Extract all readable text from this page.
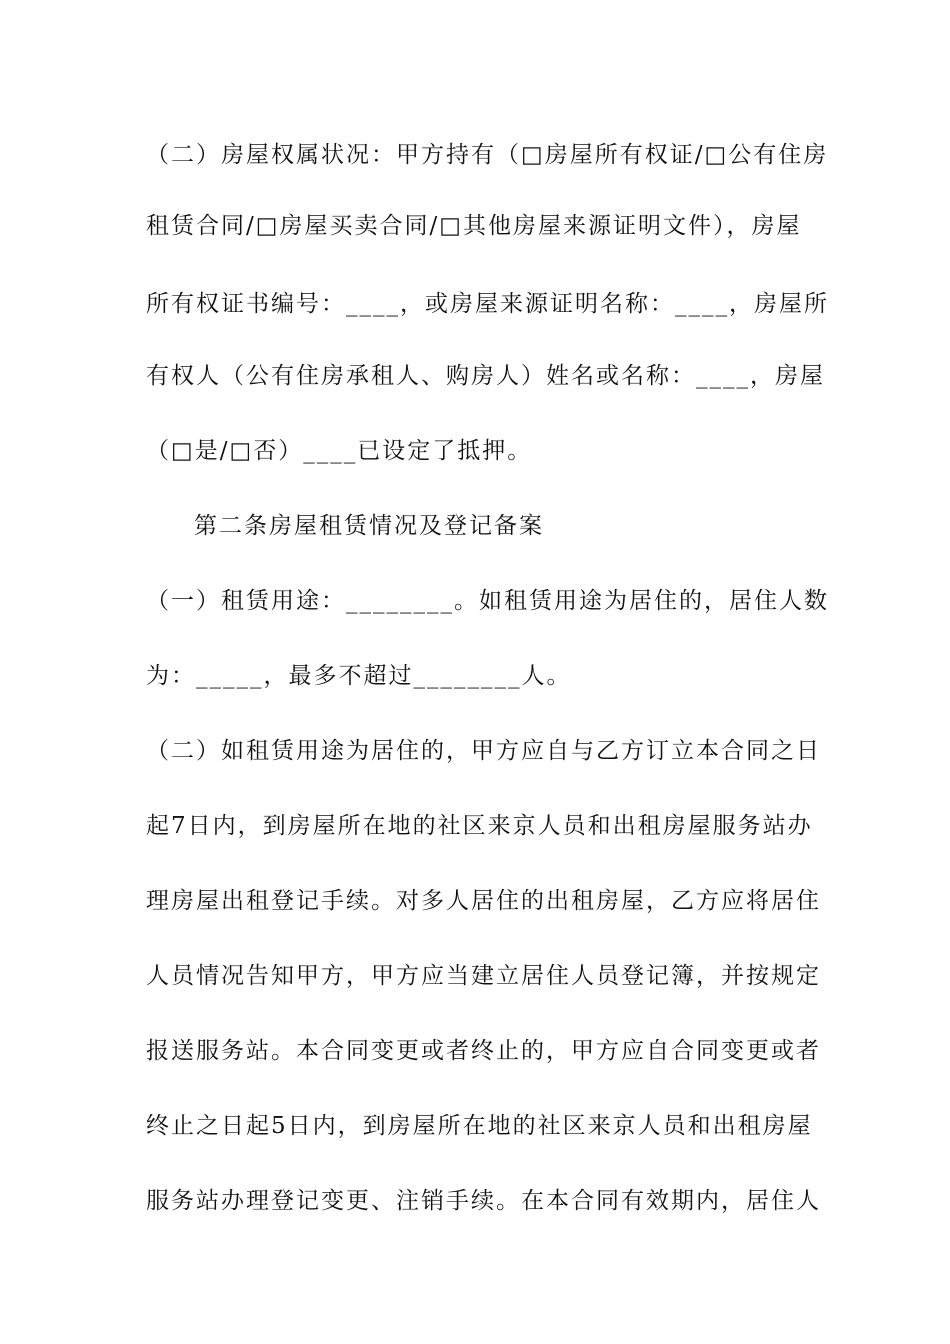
（二）房屋权属状况：甲方持有（□房屋所有权证/□公有住房
租赁合同/□房屋买卖合同/□其他房屋来源证明文件），房屋
所有权证书编号：____，或房屋来源证明名称：____，房屋所
有权人（公有住房承租人、购房人）姓名或名称：____，房屋
（□是/□否）____已设定了抵押。
第二条房屋租赁情况及登记备案
（一）租赁用途：________。如租赁用途为居住的，居住人数
为：_____，最多不超过________人。
（二）如租赁用途为居住的，甲方应自与乙方订立本合同之日
起7日内，到房屋所在地的社区来京人员和出租房屋服务站办
理房屋出租登记手续。对多人居住的出租房屋，乙方应将居住
人员情况告知甲方，甲方应当建立居住人员登记簿，并按规定
报送服务站。本合同变更或者终止的，甲方应自合同变更或者
终止之日起5日内，到房屋所在地的社区来京人员和出租房屋
服务站办理登记变更、注销手续。在本合同有效期内，居住人
